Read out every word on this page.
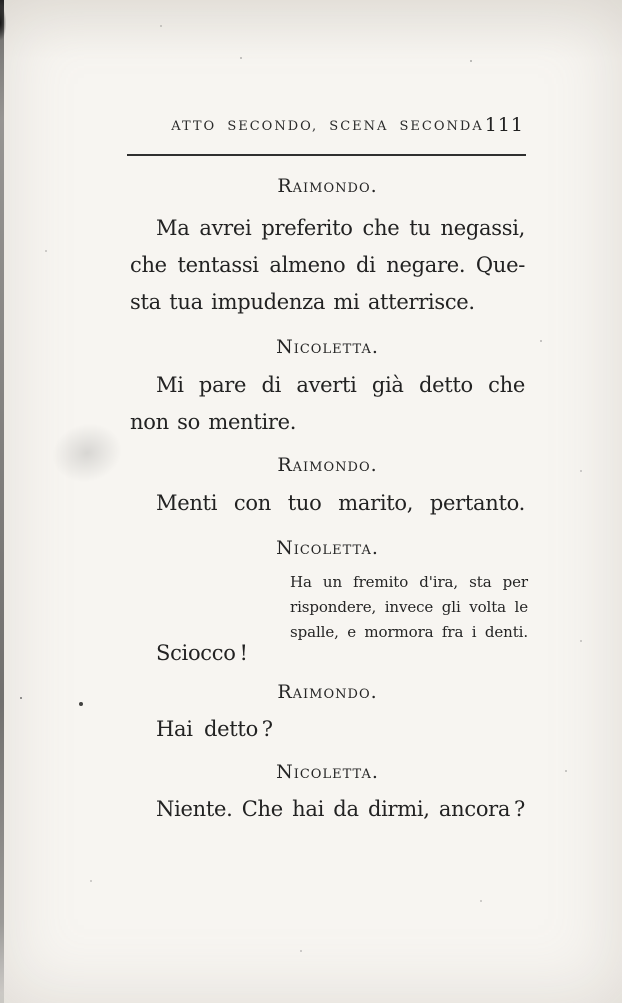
ATTO SECONDO, SCENA SECONDA 111
Raimondo.
Ma avrei preferito che tu negassi,
che tentassi almeno di negare. Que-
sta tua impudenza mi atterrisce.
Nicoletta.
Mi pare di averti già detto che
non so mentire.
Raimondo.
Menti con tuo marito, pertanto.
Nicoletta.
Ha un fremito d'ira, sta per
rispondere, invece gli volta le
spalle, e mormora fra i denti.
Sciocco !
Raimondo.
Hai detto ?
Nicoletta.
Niente. Che hai da dirmi, ancora ?
